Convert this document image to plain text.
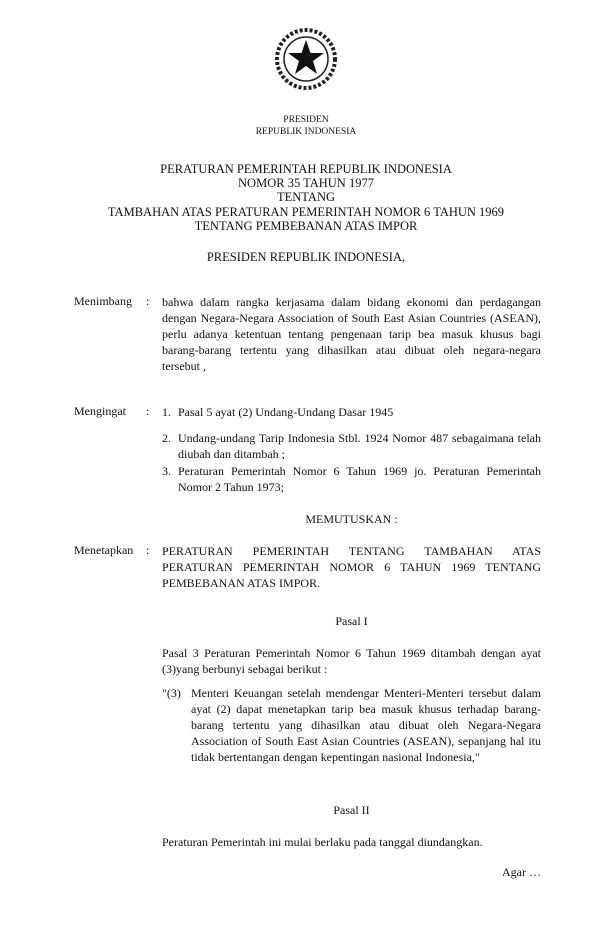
PRESIDEN
REPUBLIK INDONESIA
PERATURAN PEMERINTAH REPUBLIK INDONESIA
NOMOR 35 TAHUN 1977
TENTANG
TAMBAHAN ATAS PERATURAN PEMERINTAH NOMOR 6 TAHUN 1969
TENTANG PEMBEBANAN ATAS IMPOR
PRESIDEN REPUBLIK INDONESIA,
Menimbang : bahwa dalam rangka kerjasama dalam bidang ekonomi dan perdagangan dengan Negara-Negara Association of South East Asian Countries (ASEAN), perlu adanya ketentuan tentang pengenaan tarip bea masuk khusus bagi barang-barang tertentu yang dihasilkan atau dibuat oleh negara-negara tersebut ,
Mengingat : 1. Pasal 5 ayat (2) Undang-Undang Dasar 1945
2. Undang-undang Tarip Indonesia Stbl. 1924 Nomor 487 sebagaimana telah diubah dan ditambah ;
3. Peraturan Pemerintah Nomor 6 Tahun 1969 jo. Peraturan Pemerintah Nomor 2 Tahun 1973;
MEMUTUSKAN :
Menetapkan : PERATURAN PEMERINTAH TENTANG TAMBAHAN ATAS PERATURAN PEMERINTAH NOMOR 6 TAHUN 1969 TENTANG PEMBEBANAN ATAS IMPOR.
Pasal I
Pasal 3 Peraturan Pemerintah Nomor 6 Tahun 1969 ditambah dengan ayat (3)yang berbunyi sebagai berikut :
"(3) Menteri Keuangan setelah mendengar Menteri-Menteri tersebut dalam ayat (2) dapat menetapkan tarip bea masuk khusus terhadap barang-barang tertentu yang dihasilkan atau dibuat oleh Negara-Negara Association of South East Asian Countries (ASEAN), sepanjang hal itu tidak bertentangan dengan kepentingan nasional Indonesia,"
Pasal II
Peraturan Pemerintah ini mulai berlaku pada tanggal diundangkan.
Agar …
